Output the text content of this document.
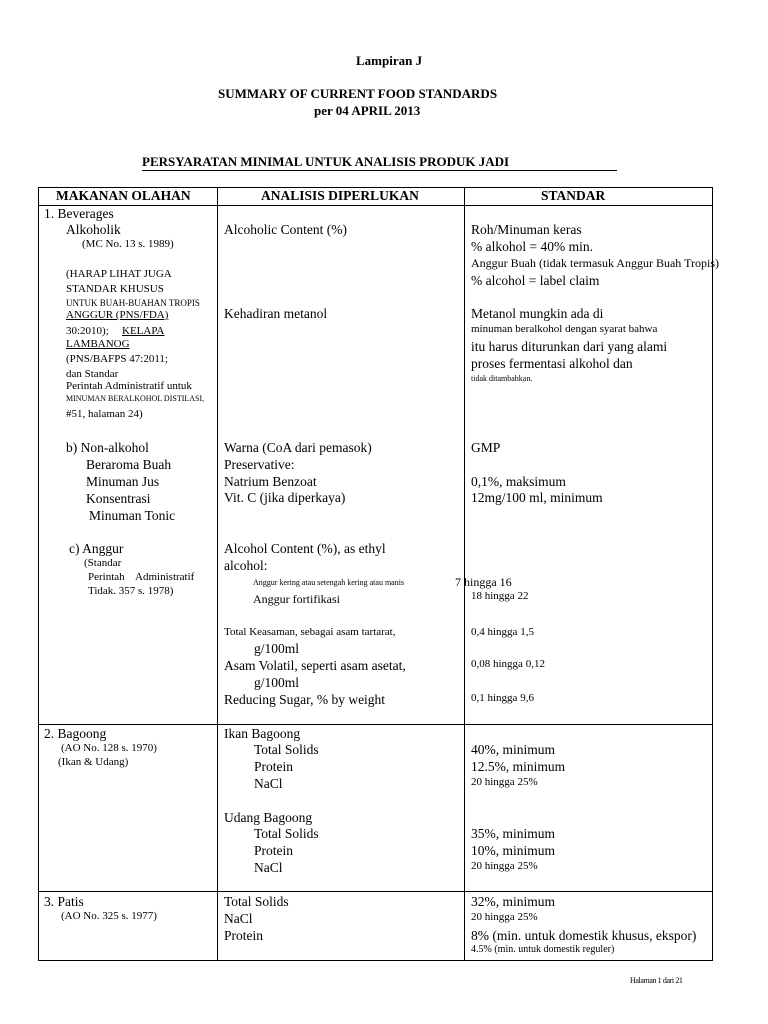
Lampiran J
SUMMARY OF CURRENT FOOD STANDARDS
per 04 APRIL 2013
PERSYARATAN MINIMAL UNTUK ANALISIS PRODUK JADI
MAKANAN OLAHAN	ANALISIS DIPERLUKAN	STANDAR
1. Beverages
Alkoholik
(MC No. 13 s. 1989)
(HARAP LIHAT JUGA
STANDAR KHUSUS
UNTUK BUAH-BUAHAN TROPIS
ANGGUR (PNS/FDA)
30:2010); KELAPA
LAMBANOG
(PNS/BAFPS 47:2011;
dan Standar
Perintah Administratif untuk
MINUMAN BERALKOHOL DISTILASI,
#51, halaman 24)
Alcoholic Content (%)
Kehadiran metanol
Roh/Minuman keras
% alkohol = 40% min.
Anggur Buah (tidak termasuk Anggur Buah Tropis)
% alcohol = label claim
Metanol mungkin ada di
minuman beralkohol dengan syarat bahwa
itu harus diturunkan dari yang alami
proses fermentasi alkohol dan
tidak ditambahkan.
b) Non-alkohol
Beraroma Buah
Minuman Jus
Konsentrasi
Minuman Tonic
Warna (CoA dari pemasok)
Preservative:
Natrium Benzoat
Vit. C (jika diperkaya)
GMP
0,1%, maksimum
12mg/100 ml, minimum
c) Anggur
(Standar
Perintah    Administratif
Tidak. 357 s. 1978)
Alcohol Content (%), as ethyl
alcohol:
Anggur kering atau setengah kering atau manis
Anggur fortifikasi
Total Keasaman, sebagai asam tartarat,
g/100ml
Asam Volatil, seperti asam asetat,
g/100ml
Reducing Sugar, % by weight
7 hingga 16
18 hingga 22
0,4 hingga 1,5
0,08 hingga 0,12
0,1 hingga 9,6
2. Bagoong
(AO No. 128 s. 1970)
(Ikan & Udang)
Ikan Bagoong
Total Solids
Protein
NaCl
Udang Bagoong
Total Solids
Protein
NaCl
40%, minimum
12.5%, minimum
20 hingga 25%
35%, minimum
10%, minimum
20 hingga 25%
3. Patis
(AO No. 325 s. 1977)
Total Solids
NaCl
Protein
32%, minimum
20 hingga 25%
8% (min. untuk domestik khusus, ekspor)
4.5% (min. untuk domestik reguler)
Halaman 1 dari 21
